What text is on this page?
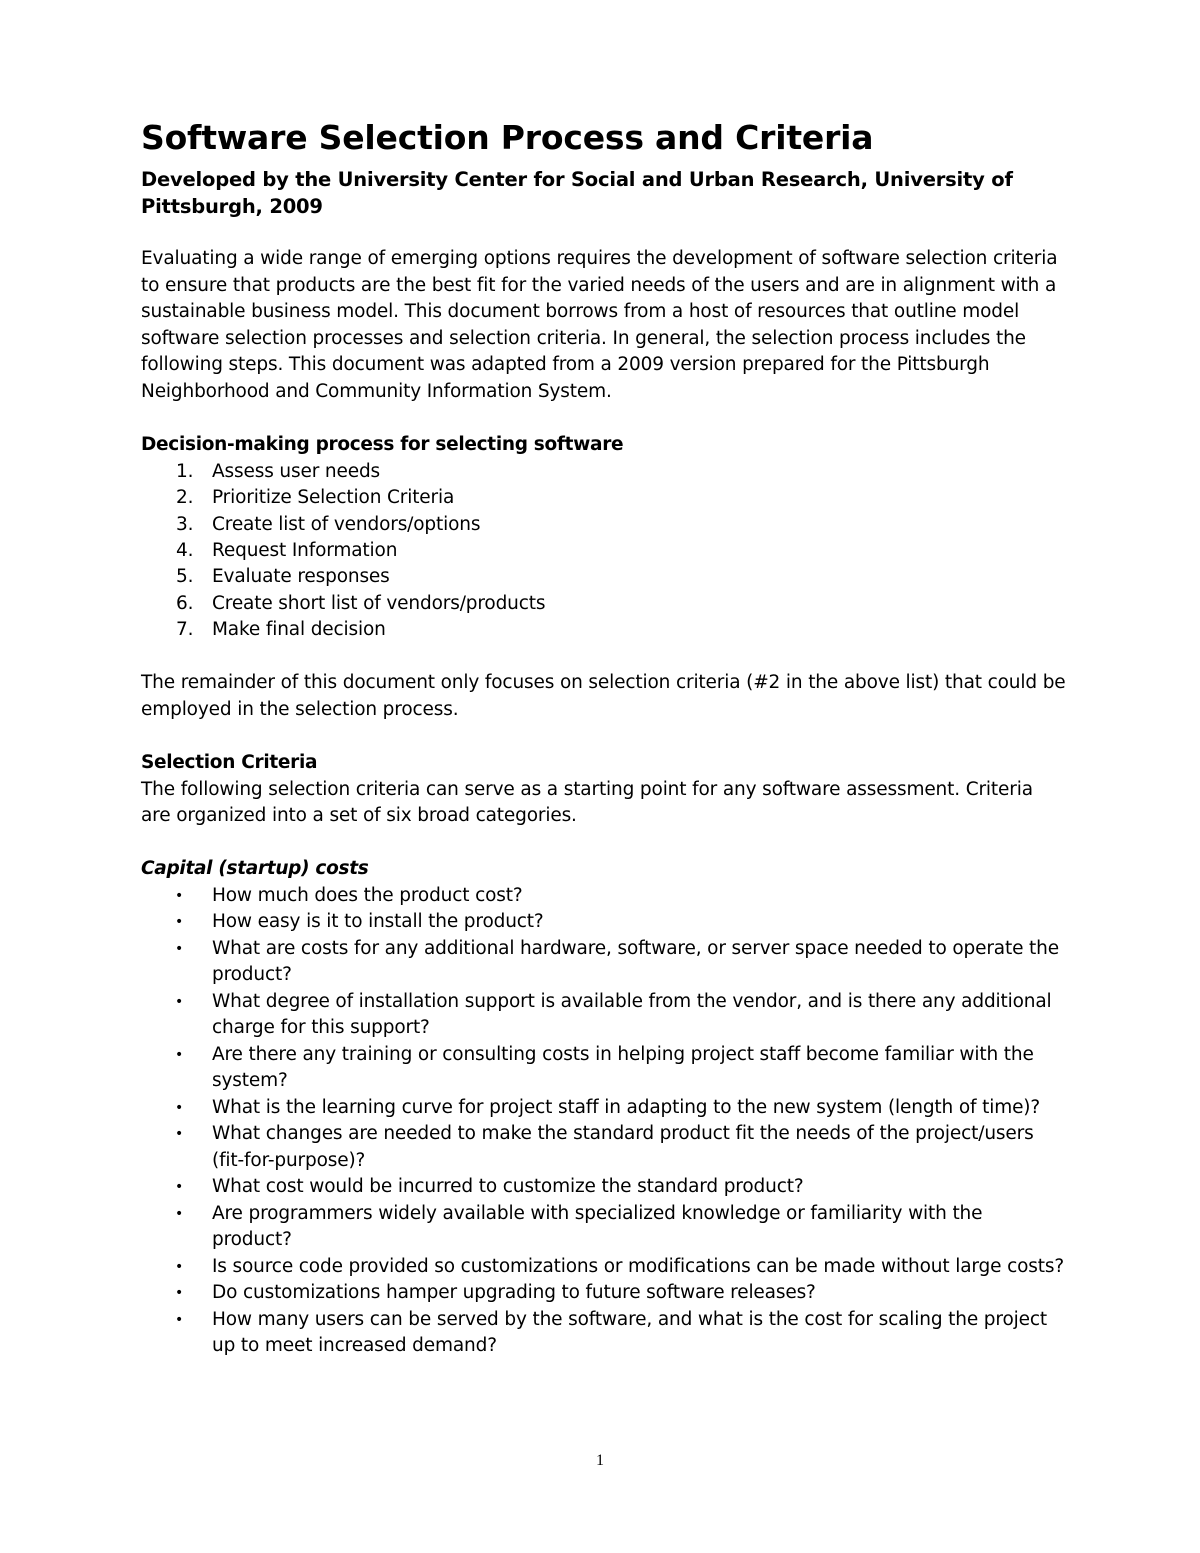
Software Selection Process and Criteria

Developed by the University Center for Social and Urban Research, University of Pittsburgh, 2009

Evaluating a wide range of emerging options requires the development of software selection criteria to ensure that products are the best fit for the varied needs of the users and are in alignment with a sustainable business model. This document borrows from a host of resources that outline model software selection processes and selection criteria. In general, the selection process includes the following steps. This document was adapted from a 2009 version prepared for the Pittsburgh Neighborhood and Community Information System.

Decision-making process for selecting software

1. Assess user needs
2. Prioritize Selection Criteria
3. Create list of vendors/options
4. Request Information
5. Evaluate responses
6. Create short list of vendors/products
7. Make final decision

The remainder of this document only focuses on selection criteria (#2 in the above list) that could be employed in the selection process.

Selection Criteria

The following selection criteria can serve as a starting point for any software assessment. Criteria are organized into a set of six broad categories.

Capital (startup) costs

• How much does the product cost?
• How easy is it to install the product?
• What are costs for any additional hardware, software, or server space needed to operate the product?
• What degree of installation support is available from the vendor, and is there any additional charge for this support?
• Are there any training or consulting costs in helping project staff become familiar with the system?
• What is the learning curve for project staff in adapting to the new system (length of time)?
• What changes are needed to make the standard product fit the needs of the project/users (fit-for-purpose)?
• What cost would be incurred to customize the standard product?
• Are programmers widely available with specialized knowledge or familiarity with the product?
• Is source code provided so customizations or modifications can be made without large costs?
• Do customizations hamper upgrading to future software releases?
• How many users can be served by the software, and what is the cost for scaling the project up to meet increased demand?
1
